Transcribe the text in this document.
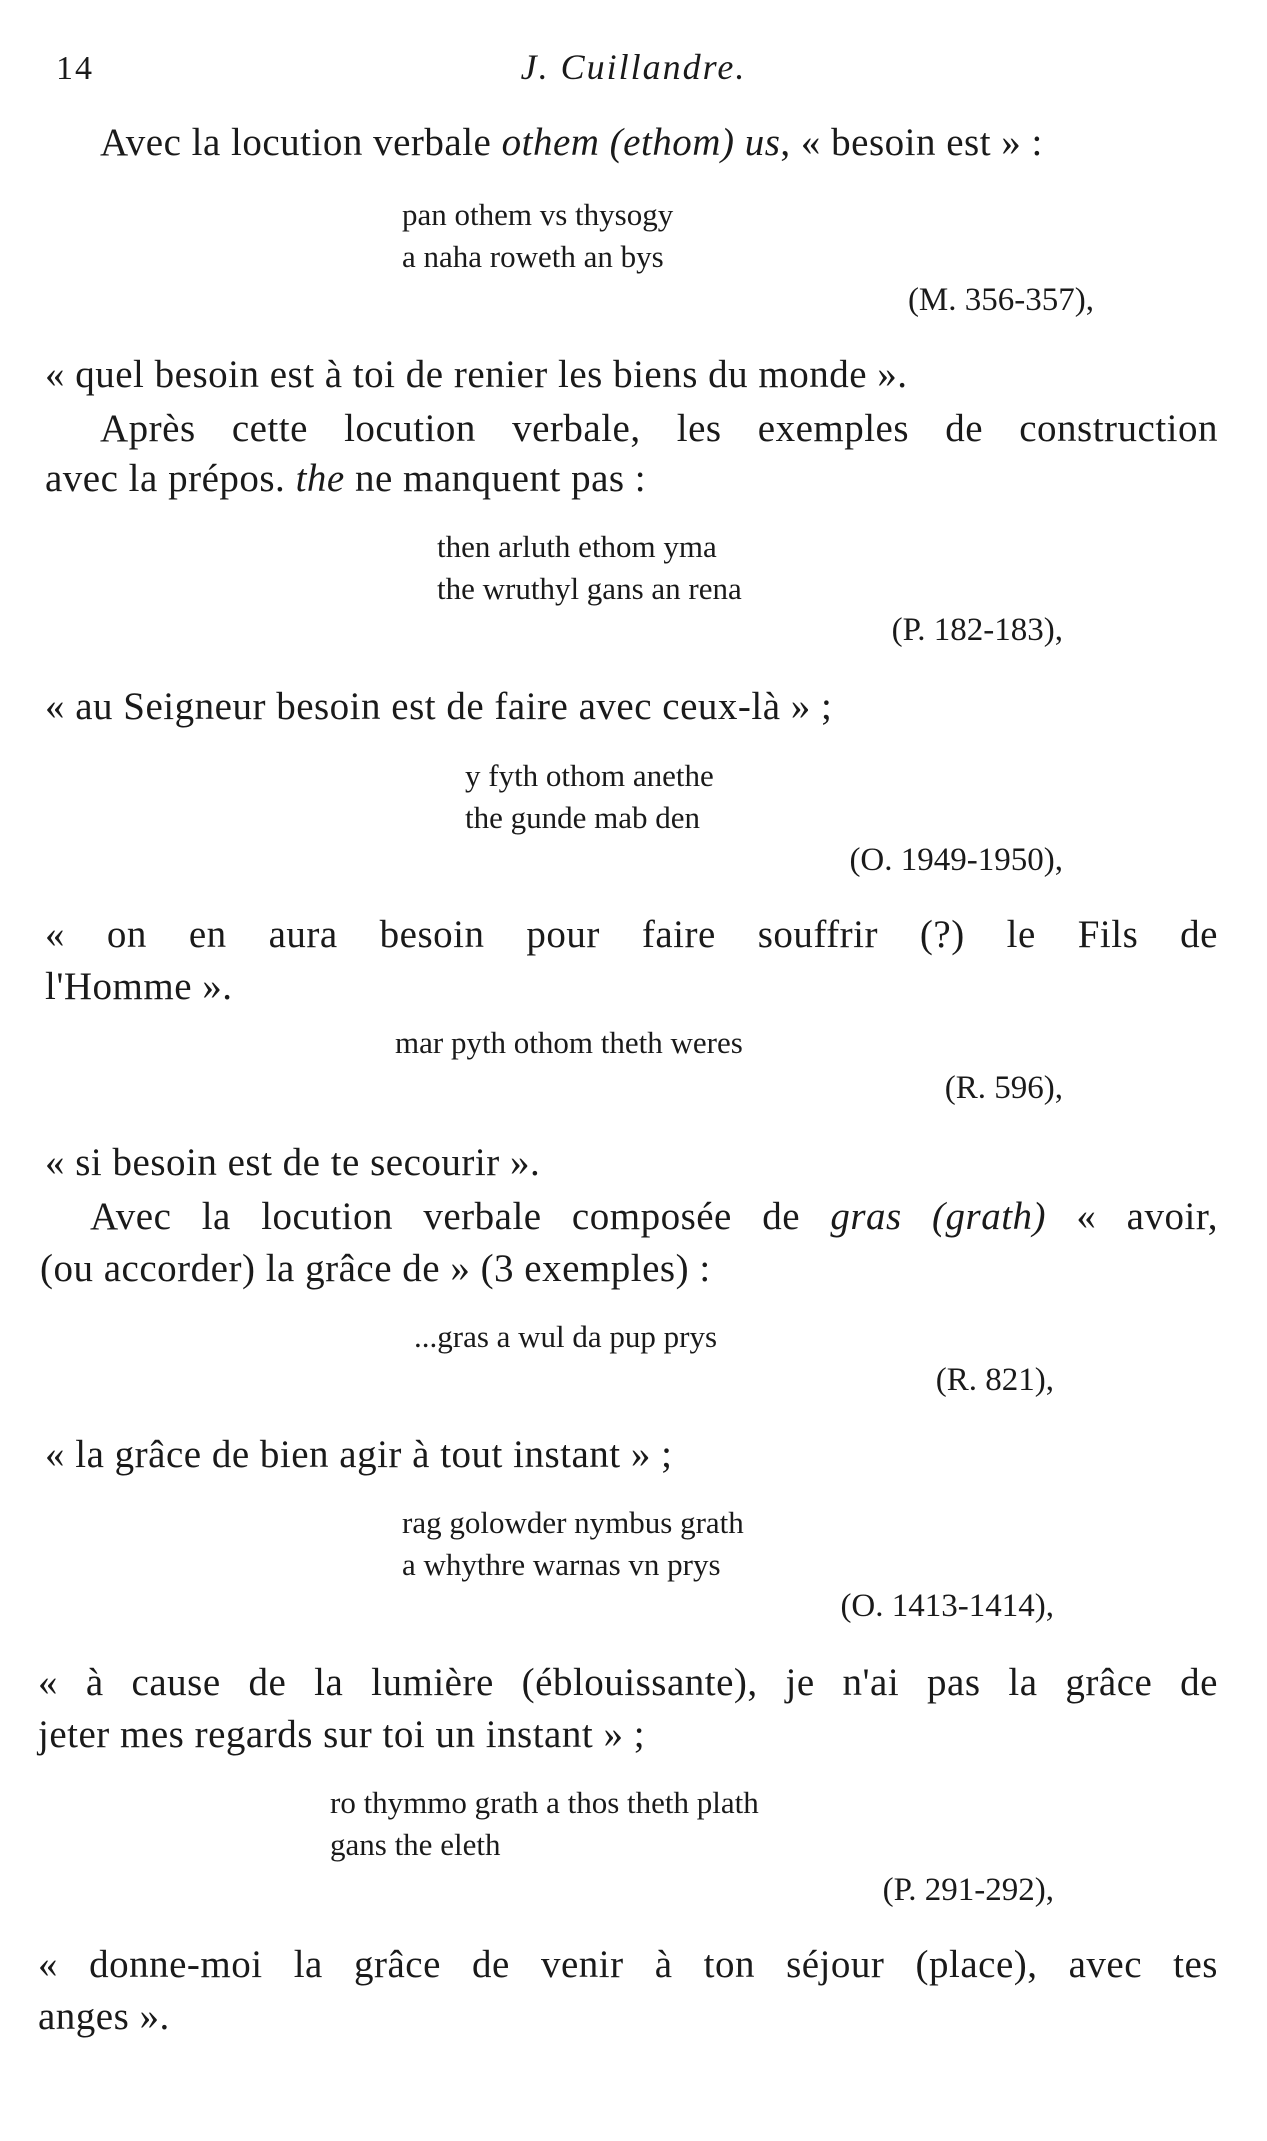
14	J. Cuillandre.
Avec la locution verbale othem (ethom) us, « besoin est » :
pan othem vs thysogy
a naha roweth an bys
(M. 356-357),
« quel besoin est à toi de renier les biens du monde ».
Après cette locution verbale, les exemples de construction
avec la prépos. the ne manquent pas :
then arluth ethom yma
the wruthyl gans an rena
(P. 182-183),
« au Seigneur besoin est de faire avec ceux-là » ;
y fyth othom anethe
the gunde mab den
(O. 1949-1950),
« on en aura besoin pour faire souffrir (?) le Fils de
l'Homme ».
mar pyth othom theth weres
(R. 596),
« si besoin est de te secourir ».
Avec la locution verbale composée de gras (grath) « avoir,
(ou accorder) la grâce de » (3 exemples) :
...gras a wul da pup prys
(R. 821),
« la grâce de bien agir à tout instant » ;
rag golowder nymbus grath
a whythre warnas vn prys
(O. 1413-1414),
« à cause de la lumière (éblouissante), je n'ai pas la grâce de
jeter mes regards sur toi un instant » ;
ro thymmo grath a thos theth plath
gans the eleth
(P. 291-292),
« donne-moi la grâce de venir à ton séjour (place), avec tes
anges ».
